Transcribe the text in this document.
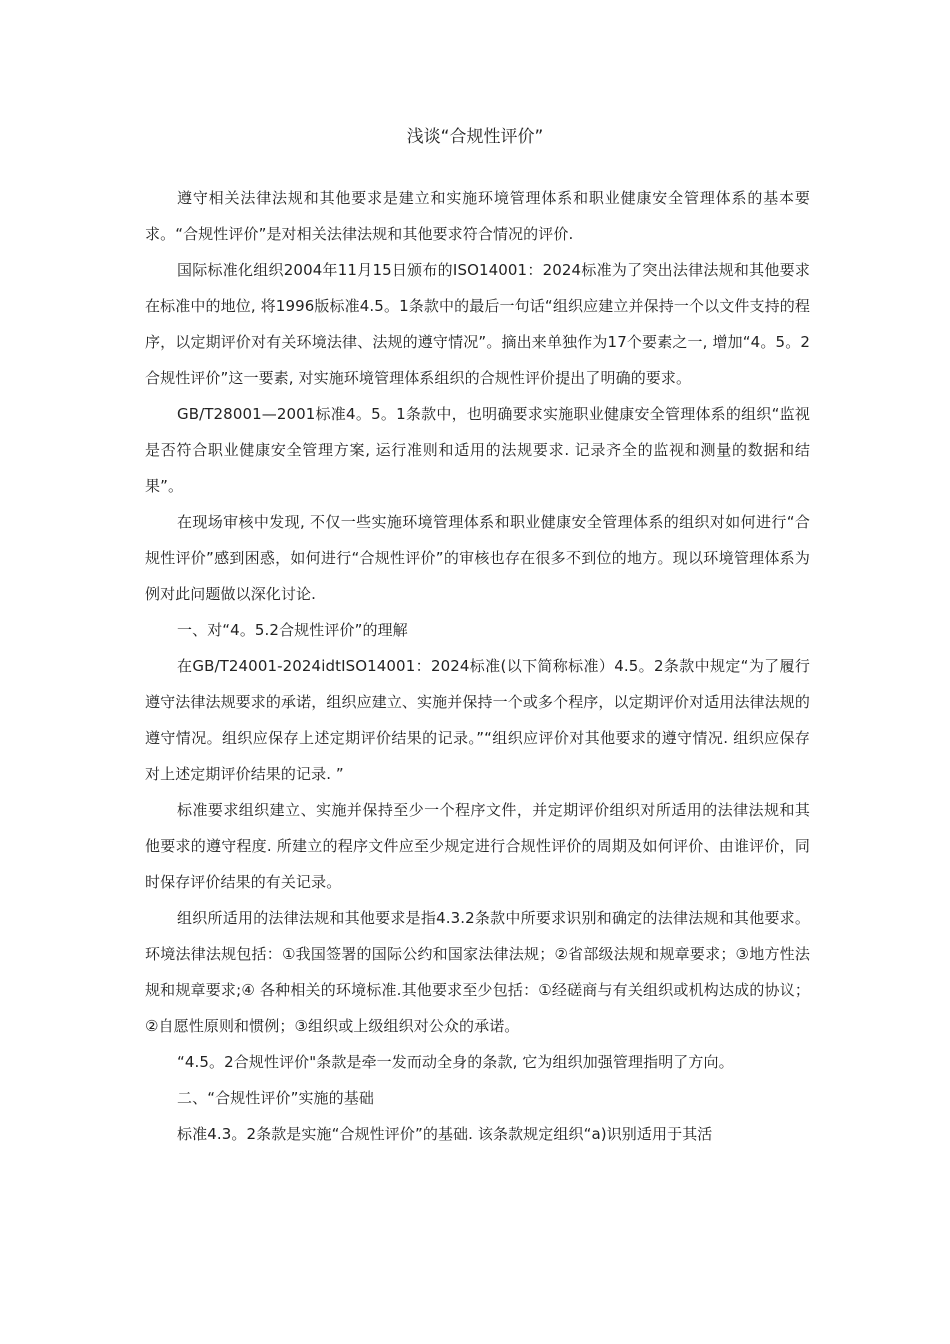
浅谈“合规性评价”

遵守相关法律法规和其他要求是建立和实施环境管理体系和职业健康安全管理体系的基本要求。“合规性评价”是对相关法律法规和其他要求符合情况的评价.

国际标准化组织2004年11月15日颁布的ISO14001：2024标准为了突出法律法规和其他要求在标准中的地位, 将1996版标准4.5。1条款中的最后一句话“组织应建立并保持一个以文件支持的程序，以定期评价对有关环境法律、法规的遵守情况”。摘出来单独作为17个要素之一, 增加“4。5。2合规性评价”这一要素, 对实施环境管理体系组织的合规性评价提出了明确的要求。

GB/T28001—2001标准4。5。1条款中，也明确要求实施职业健康安全管理体系的组织“监视是否符合职业健康安全管理方案, 运行准则和适用的法规要求. 记录齐全的监视和测量的数据和结果”。

在现场审核中发现, 不仅一些实施环境管理体系和职业健康安全管理体系的组织对如何进行“合规性评价”感到困惑，如何进行“合规性评价”的审核也存在很多不到位的地方。现以环境管理体系为例对此问题做以深化讨论.

一、对“4。5.2合规性评价”的理解

在GB/T24001-2024idtISO14001：2024标准(以下简称标准）4.5。2条款中规定“为了履行遵守法律法规要求的承诺，组织应建立、实施并保持一个或多个程序，以定期评价对适用法律法规的遵守情况。组织应保存上述定期评价结果的记录。”“组织应评价对其他要求的遵守情况. 组织应保存对上述定期评价结果的记录. ”

标准要求组织建立、实施并保持至少一个程序文件，并定期评价组织对所适用的法律法规和其他要求的遵守程度. 所建立的程序文件应至少规定进行合规性评价的周期及如何评价、由谁评价，同时保存评价结果的有关记录。

组织所适用的法律法规和其他要求是指4.3.2条款中所要求识别和确定的法律法规和其他要求。环境法律法规包括：①我国签署的国际公约和国家法律法规；②省部级法规和规章要求；③地方性法规和规章要求;④ 各种相关的环境标准.其他要求至少包括：①经磋商与有关组织或机构达成的协议；②自愿性原则和惯例；③组织或上级组织对公众的承诺。

“4.5。2合规性评价"条款是牵一发而动全身的条款, 它为组织加强管理指明了方向。

二、“合规性评价”实施的基础

标准4.3。2条款是实施“合规性评价”的基础. 该条款规定组织“a)识别适用于其活
